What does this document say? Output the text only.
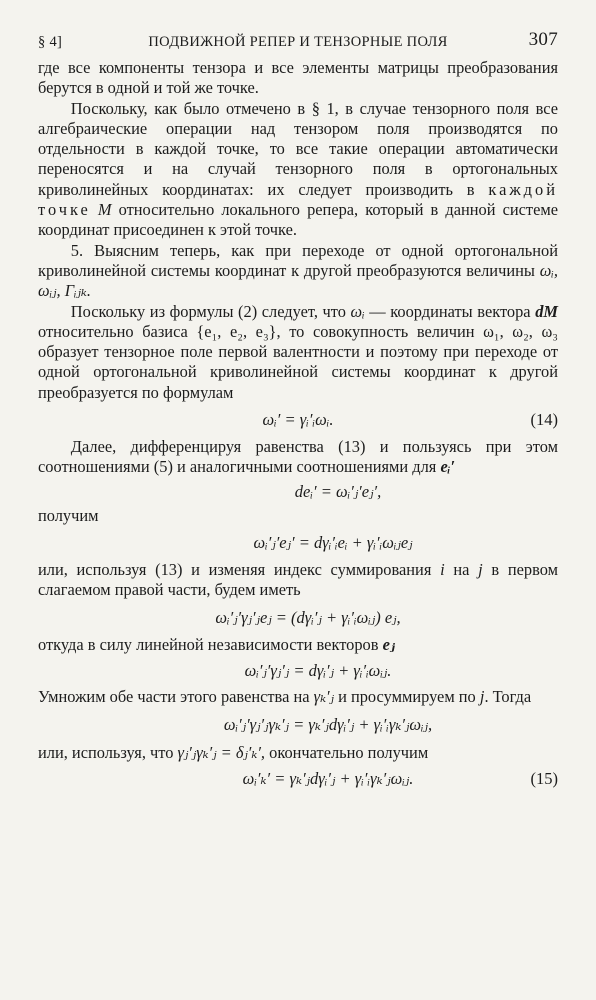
§ 4]	ПОДВИЖНОЙ РЕПЕР И ТЕНЗОРНЫЕ ПОЛЯ	307

где все компоненты тензора и все элементы матрицы преобразования берутся в одной и той же точке.

Поскольку, как было отмечено в § 1, в случае тензорного поля все алгебраические операции над тензором поля производятся по отдельности в каждой точке, то все такие операции автоматически переносятся и на случай тензорного поля в ортогональных криволинейных координатах: их следует производить в каждой точке M относительно локального репера, который в данной системе координат присоединен к этой точке.

5. Выясним теперь, как при переходе от одной ортогональной криволинейной системы координат к другой преобразуются величины ωᵢ, ωᵢⱼ, Γᵢⱼₖ.

Поскольку из формулы (2) следует, что ωᵢ — координаты вектора dM относительно базиса {e₁, e₂, e₃}, то совокупность величин ω₁, ω₂, ω₃ образует тензорное поле первой валентности и поэтому при переходе от одной ортогональной криволинейной системы координат к другой преобразуется по формулам

ωᵢ′ = γᵢ′ᵢωᵢ.	(14)

Далее, дифференцируя равенства (13) и пользуясь при этом соотношениями (5) и аналогичными соотношениями для eᵢ′

deᵢ′ = ωᵢ′ⱼ′eⱼ′,

получим

ωᵢ′ⱼ′eⱼ′ = dγᵢ′ᵢeᵢ + γᵢ′ᵢωᵢⱼeⱼ

или, используя (13) и изменяя индекс суммирования i на j в первом слагаемом правой части, будем иметь

ωᵢ′ⱼ′γⱼ′ⱼeⱼ = (dγᵢ′ⱼ + γᵢ′ᵢωᵢⱼ) eⱼ,

откуда в силу линейной независимости векторов eⱼ

ωᵢ′ⱼ′γⱼ′ⱼ = dγᵢ′ⱼ + γᵢ′ᵢωᵢⱼ.

Умножим обе части этого равенства на γₖ′ⱼ и просуммируем по j. Тогда

ωᵢ′ⱼ′γⱼ′ⱼγₖ′ⱼ = γₖ′ⱼdγᵢ′ⱼ + γᵢ′ᵢγₖ′ⱼωᵢⱼ,

или, используя, что γⱼ′ⱼγₖ′ⱼ = δⱼ′ₖ′, окончательно получим

ωᵢ′ₖ′ = γₖ′ⱼdγᵢ′ⱼ + γᵢ′ᵢγₖ′ⱼωᵢⱼ.	(15)
